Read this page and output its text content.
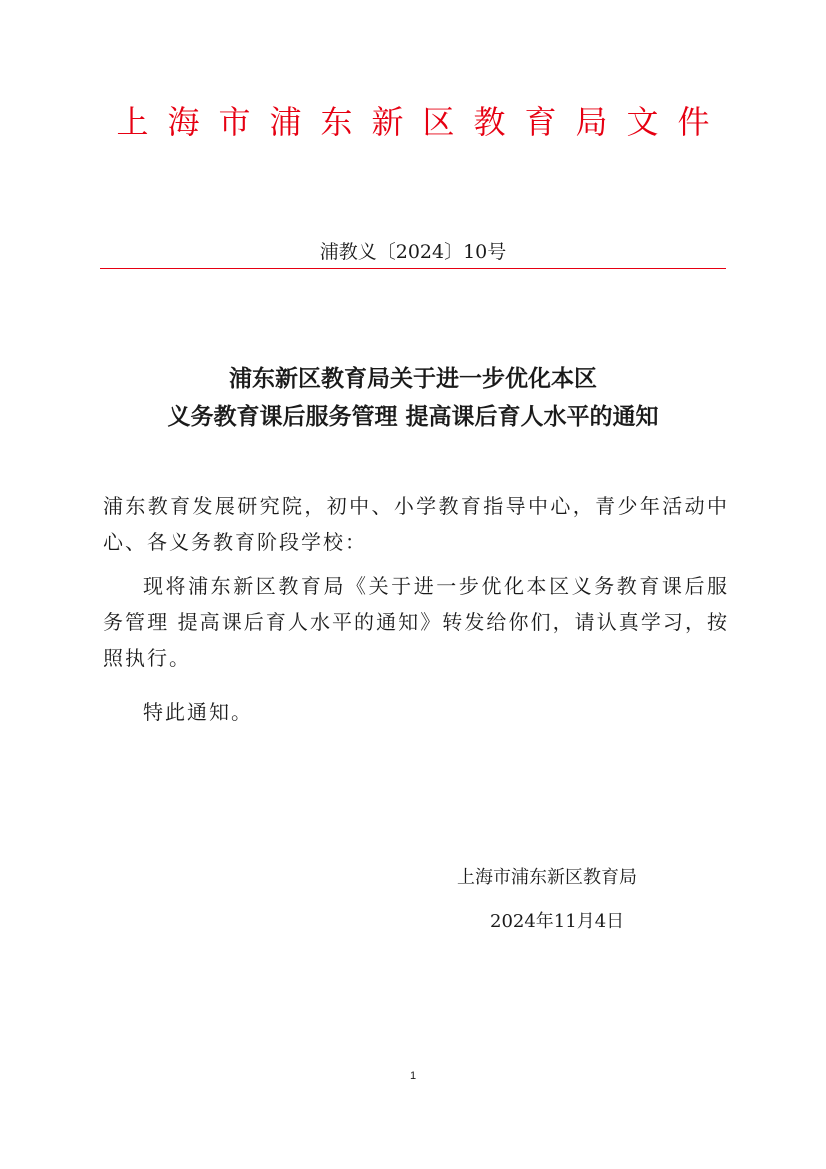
上海市浦东新区教育局文件
浦教义〔2024〕10号
浦东新区教育局关于进一步优化本区
义务教育课后服务管理 提高课后育人水平的通知
浦东教育发展研究院，初中、小学教育指导中心，青少年活动中心、各义务教育阶段学校：
现将浦东新区教育局《关于进一步优化本区义务教育课后服务管理 提高课后育人水平的通知》转发给你们，请认真学习，按照执行。
特此通知。
上海市浦东新区教育局
2024年11月4日
1
